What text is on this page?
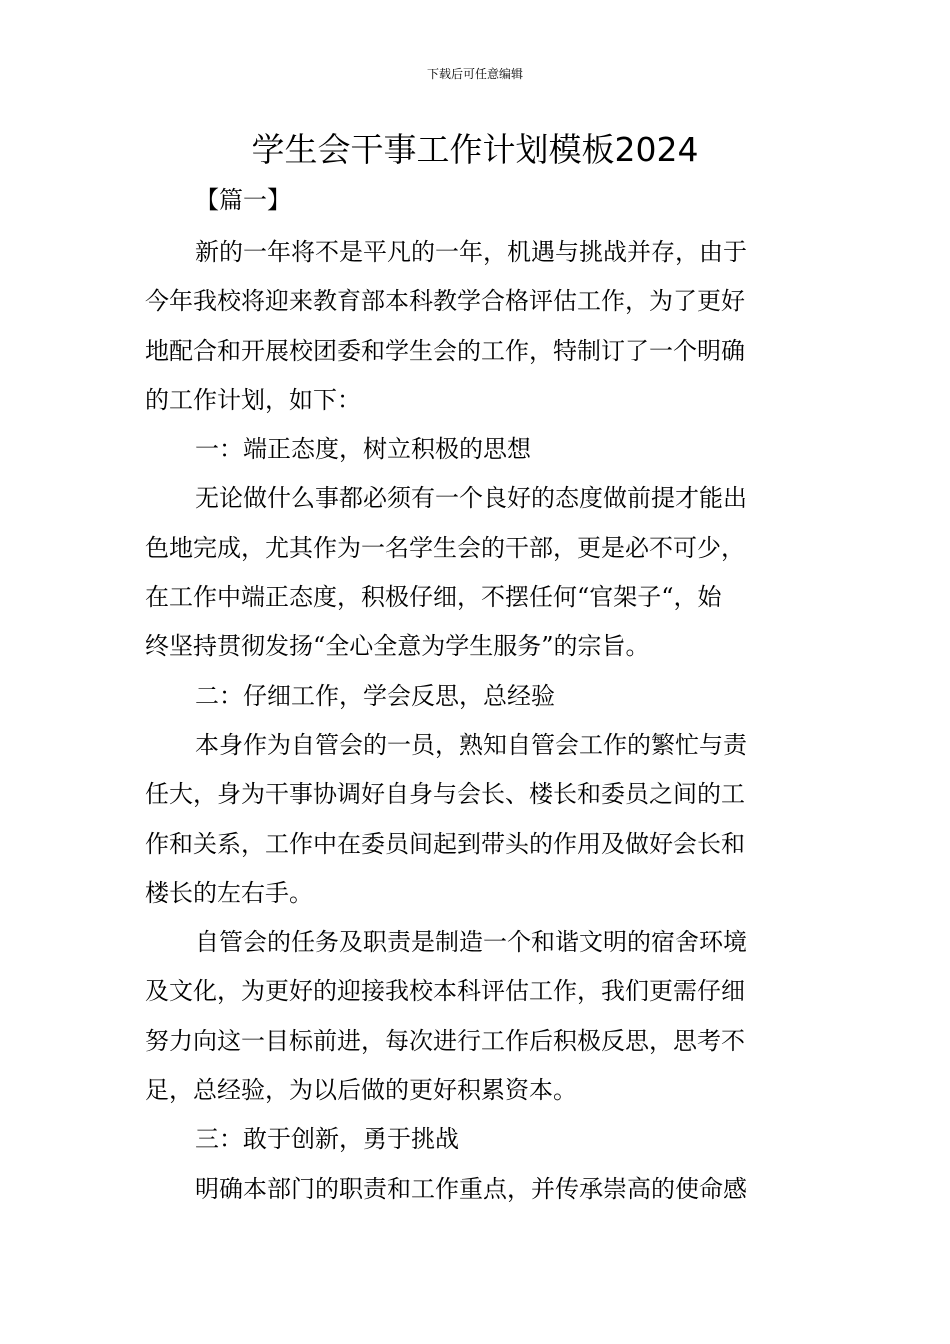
下载后可任意编辑
学生会干事工作计划模板2024
【篇一】
新的一年将不是平凡的一年，机遇与挑战并存，由于
今年我校将迎来教育部本科教学合格评估工作，为了更好
地配合和开展校团委和学生会的工作，特制订了一个明确
的工作计划，如下：
一：端正态度，树立积极的思想
无论做什么事都必须有一个良好的态度做前提才能出
色地完成，尤其作为一名学生会的干部，更是必不可少，
在工作中端正态度，积极仔细，不摆任何“官架子“，始
终坚持贯彻发扬“全心全意为学生服务”的宗旨。
二：仔细工作，学会反思，总经验
本身作为自管会的一员，熟知自管会工作的繁忙与责
任大，身为干事协调好自身与会长、楼长和委员之间的工
作和关系，工作中在委员间起到带头的作用及做好会长和
楼长的左右手。
自管会的任务及职责是制造一个和谐文明的宿舍环境
及文化，为更好的迎接我校本科评估工作，我们更需仔细
努力向这一目标前进，每次进行工作后积极反思，思考不
足，总经验，为以后做的更好积累资本。
三：敢于创新，勇于挑战
明确本部门的职责和工作重点，并传承崇高的使命感
